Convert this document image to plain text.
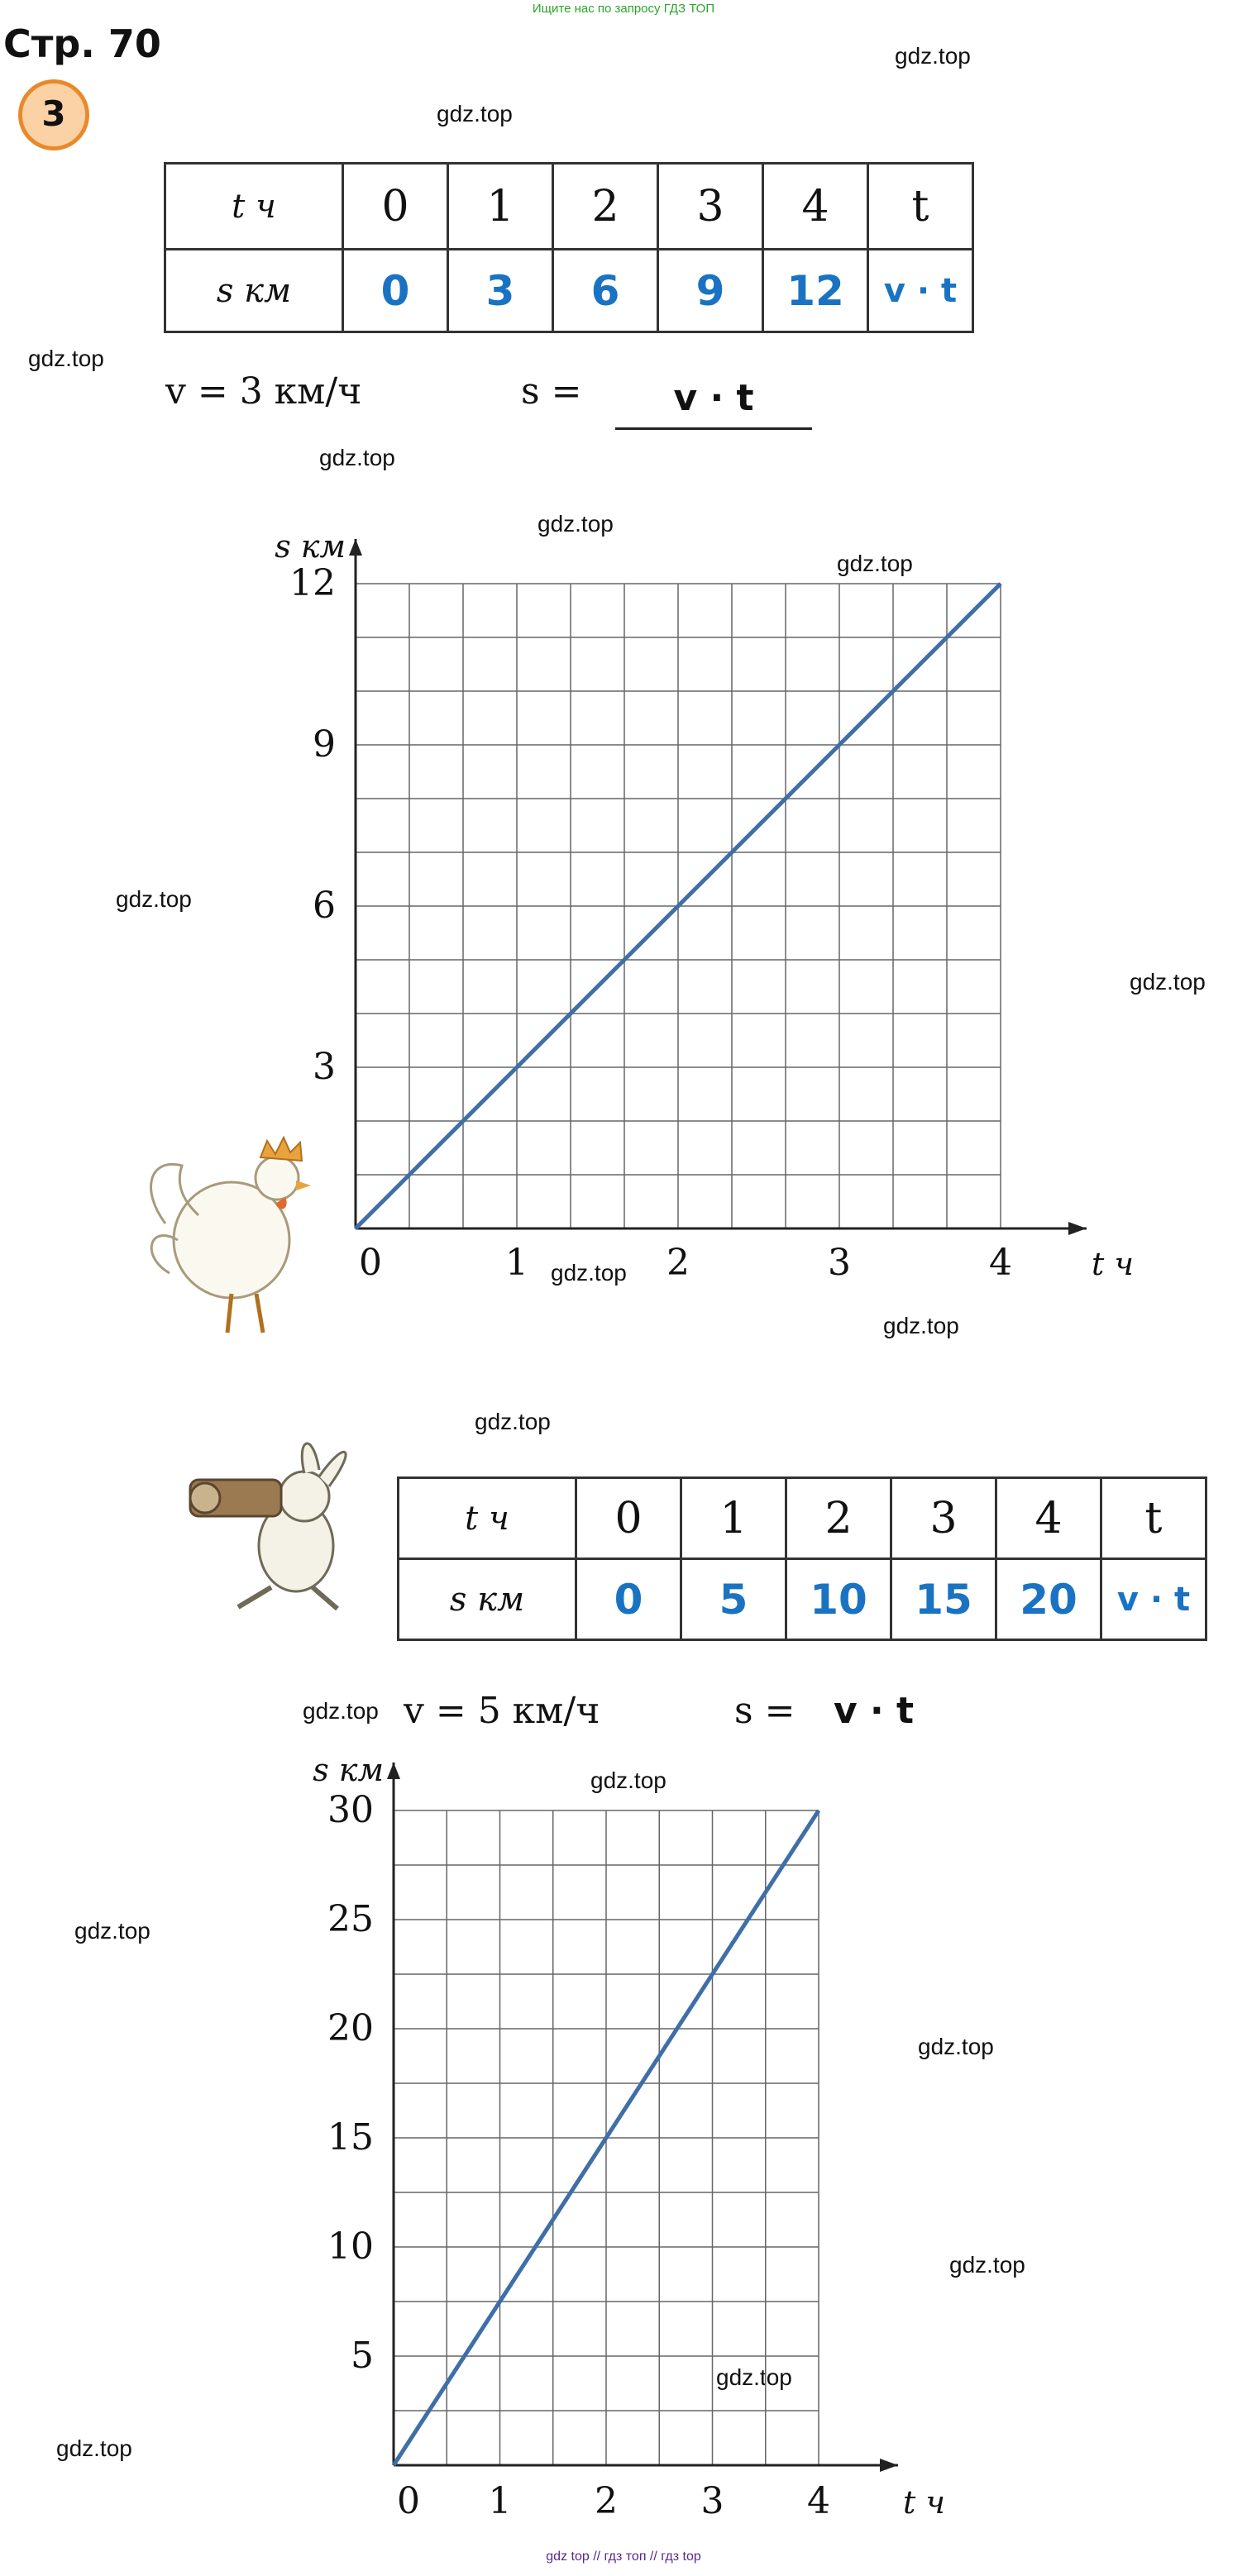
Ищите нас по запросу ГДЗ ТОП
Стр. 70
3
gdz.top
gdz.top
gdz.top
gdz.top
gdz.top
gdz.top
gdz.top
gdz.top
gdz.top
gdz.top
gdz.top
gdz.top
gdz.top
gdz.top
gdz.top
gdz.top
gdz.top
gdz.top
t ч	0	1	2	3	4	t
s км	0	3	6	9	12	v · t
v = 3 км/ч	s =	v · t
0	1	2	3	4
3
6
9
12
s км
t ч
t ч	0	1	2	3	4	t
s км	0	5	10	15	20	v · t
v = 5 км/ч	s = v · t
0 1 2 3 4
5
10
15
20
25
30
s км
t ч
gdz top // гдз топ // гдз top
